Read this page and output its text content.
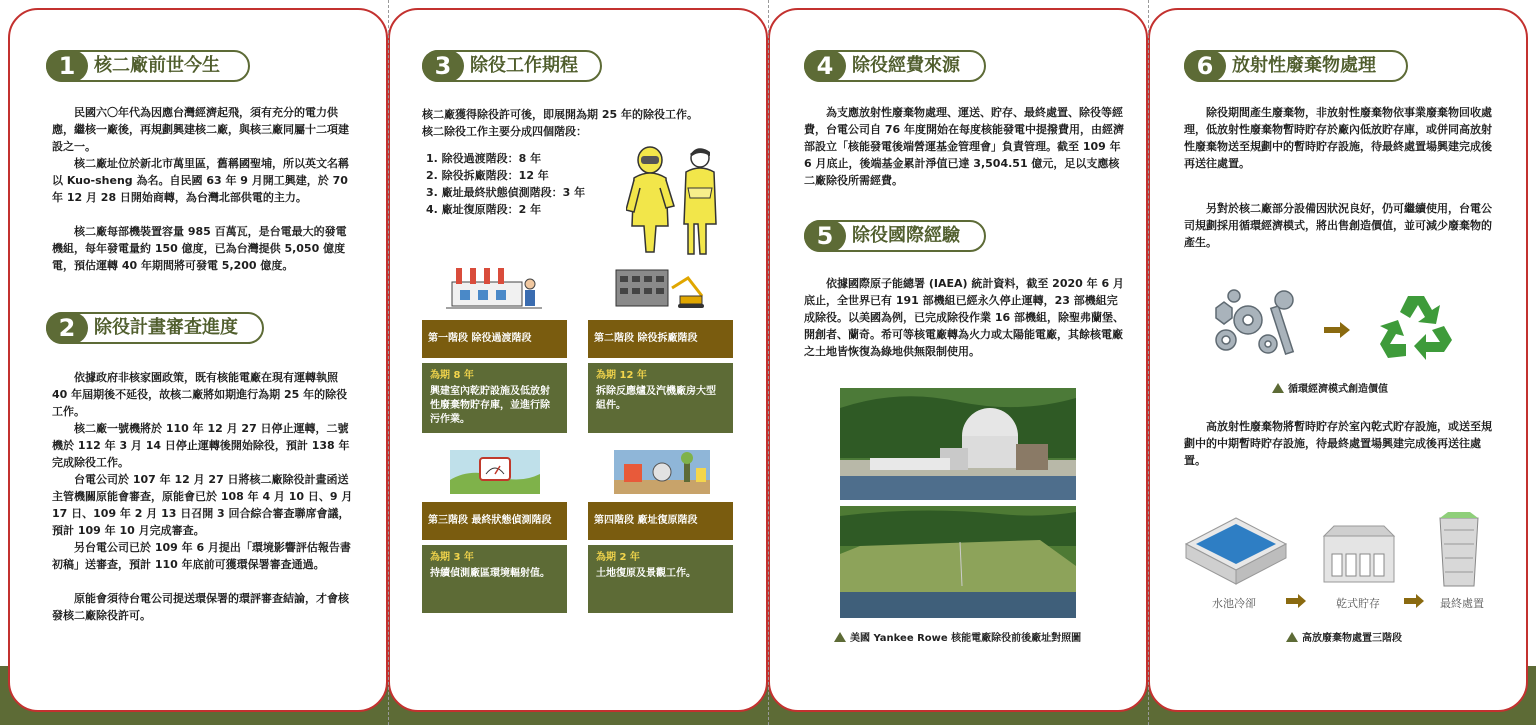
1	核二廠前世今生

民國六〇年代為因應台灣經濟起飛，須有充分的電力供應，繼核一廠後，再規劃興建核二廠，與核三廠同屬十二項建設之一。

核二廠址位於新北市萬里區，舊稱國聖埔，所以英文名稱以 Kuo-sheng 為名。自民國 63 年 9 月開工興建，於 70 年 12 月 28 日開始商轉，為台灣北部供電的主力。

核二廠每部機裝置容量 985 百萬瓦，是台電最大的發電機組，每年發電量約 150 億度，已為台灣提供 5,050 億度電，預估運轉 40 年期間將可發電 5,200 億度。

2	除役計畫審查進度

依據政府非核家園政策，既有核能電廠在現有運轉執照 40 年屆期後不延役，故核二廠將如期進行為期 25 年的除役工作。

核二廠一號機將於 110 年 12 月 27 日停止運轉，二號機於 112 年 3 月 14 日停止運轉後開始除役，預計 138 年完成除役工作。

台電公司於 107 年 12 月 27 日將核二廠除役計畫函送主管機關原能會審查，原能會已於 108 年 4 月 10 日、9 月 17 日、109 年 2 月 13 日召開 3 回合綜合審查聯席會議，預計 109 年 10 月完成審查。

另台電公司已於 109 年 6 月提出「環境影響評估報告書初稿」送審查，預計 110 年底前可獲環保署審查通過。

原能會須待台電公司提送環保署的環評審查結論，才會核發核二廠除役許可。

3	除役工作期程

核二廠獲得除役許可後，即展開為期 25 年的除役工作。

核二除役工作主要分成四個階段：

1. 除役過渡階段：8 年
2. 除役拆廠階段：12 年
3. 廠址最終狀態偵測階段：3 年
4. 廠址復原階段：2 年
第一階段 除役過渡階段
為期 8 年
興建室內乾貯設施及低放射性廢棄物貯存庫，並進行除污作業。
第二階段 除役拆廠階段
為期 12 年
拆除反應爐及汽機廠房大型組件。
第三階段 最終狀態偵測階段
為期 3 年
持續偵測廠區環境輻射值。
第四階段 廠址復原階段
為期 2 年
土地復原及景觀工作。
4	除役經費來源

為支應放射性廢棄物處理、運送、貯存、最終處置、除役等經費，台電公司自 76 年度開始在每度核能發電中提撥費用，由經濟部設立「核能發電後端營運基金管理會」負責管理。截至 109 年 6 月底止，後端基金累計淨值已達 3,504.51 億元，足以支應核二廠除役所需經費。

5	除役國際經驗

依據國際原子能總署 (IAEA) 統計資料，截至 2020 年 6 月底止，全世界已有 191 部機組已經永久停止運轉，23 部機組完成除役。以美國為例，已完成除役作業 16 部機組，除聖弗蘭堡、開創者、蘭奇。希可等核電廠轉為火力或太陽能電廠，其餘核電廠之土地皆恢復為綠地供無限制使用。

美國 Yankee Rowe 核能電廠除役前後廠址對照圖
6	放射性廢棄物處理

除役期間產生廢棄物，非放射性廢棄物依事業廢棄物回收處理，低放射性廢棄物暫時貯存於廠內低放貯存庫，或併同高放射性廢棄物送至規劃中的暫時貯存設施，待最終處置場興建完成後再送往處置。

另對於核二廠部分設備因狀況良好，仍可繼續使用，台電公司規劃採用循環經濟模式，將出售創造價值，並可減少廢棄物的產生。

循環經濟模式創造價值

高放射性廢棄物將暫時貯存於室內乾式貯存設施，或送至規劃中的中期暫時貯存設施，待最終處置場興建完成後再送往處置。

水池冷卻	乾式貯存	最終處置
高放廢棄物處置三階段
